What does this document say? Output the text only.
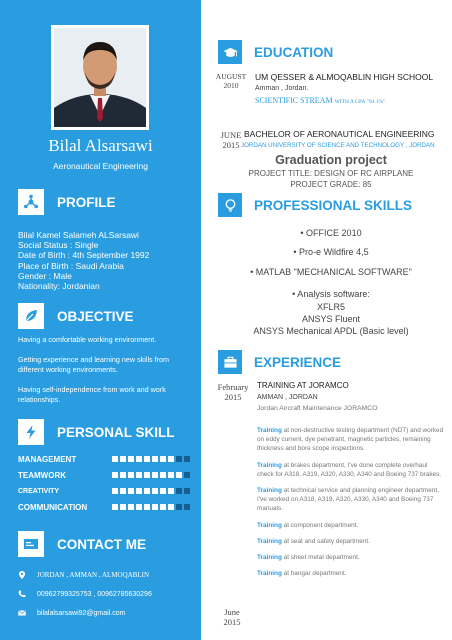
Bilal Alsarsawi
Aeronautical Engineering
PROFILE
Bilal Kamel Salameh ALSarsawi
Social Status : Single
Date of Birth : 4th September 1992
Place of Birth : Saudi Arabia
Gender : Male
Nationality: Jordanian
OBJECTIVE

Having a comfortable working environment.

Getting experience and learning new skills from different working environments.

Having self-independence from work and work relationships.

PERSONAL SKILL
MANAGEMENT
TEAMWORK
CREATIVITY
COMMUNICATION
CONTACT ME
JORDAN , AMMAN , ALMOQABLIN
00962799325753 , 00962785630296
bilalalsarsawi92@gmail.com
EDUCATION
AUGUST
2010
UM QESSER & ALMOQABLIN HIGH SCHOOL
Amman , Jordan.
SCIENTIFIC STREAM WITH A GPA "94.1%".
JUNE
2015
BACHELOR OF AERONAUTICAL ENGINEERING
JORDAN UNIVERSITY OF SCIENCE AND TECHNOLOGY , JORDAN
Graduation project
PROJECT TITLE: DESIGN OF RC AIRPLANE
PROJECT GRADE: 85
PROFESSIONAL SKILLS
• OFFICE 2010
• Pro-e Wildfire 4,5
• MATLAB "MECHANICAL SOFTWARE"
• Analysis software:
XFLR5
ANSYS Fluent
ANSYS Mechanical APDL (Basic level)
EXPERIENCE
February
2015
TRAINING AT JORAMCO
AMMAN , JORDAN
Jordan Aircraft Maintenance JORAMCO
Training at non-destructive testing department (NDT) and worked on eddy current, dye penetrant, magnetic particles, remaining thickness and bore scope inspections.
Training at brakes department, I've done complete overhaul check for A318, A319, A320, A330, A340 and Boeing 737 brakes.
Training at technical service and planning engineer department, I've worked on A318, A319, A320, A330, A340 and Boeing 737 manuals.
Training at component department.
Training at seat and safety department.
Training at sheet metal department.
Training at hangar department.
June
2015
